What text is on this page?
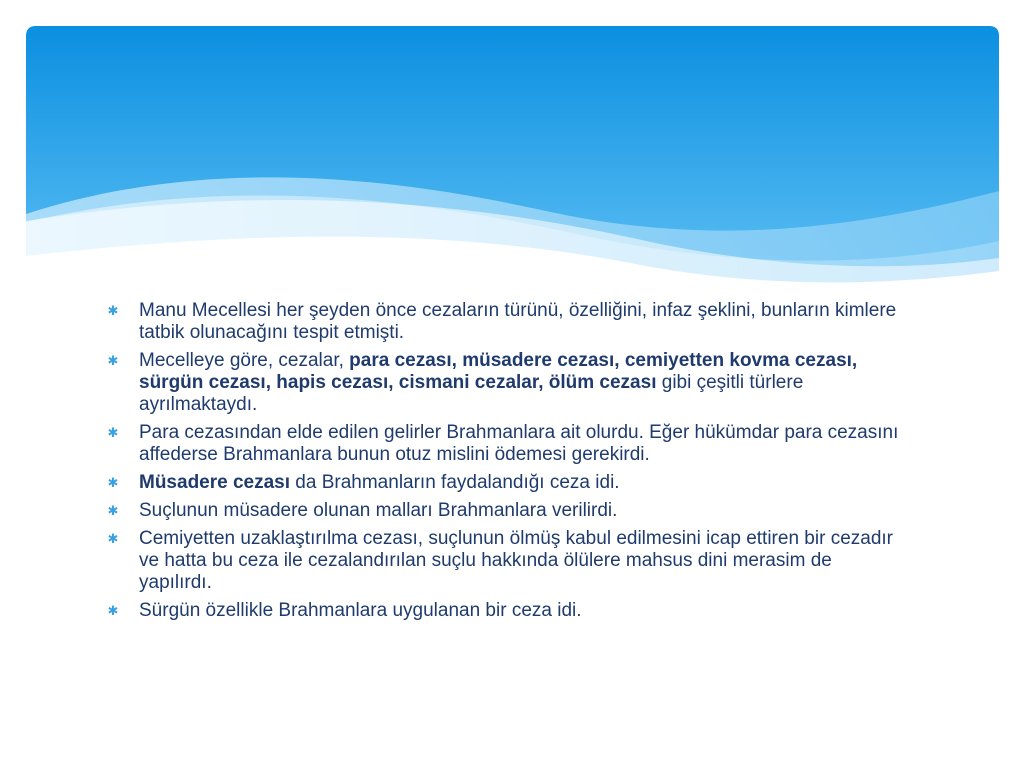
✱ Manu Mecellesi her şeyden önce cezaların türünü, özelliğini, infaz şeklini, bunların kimlere tatbik olunacağını tespit etmişti.
✱ Mecelleye göre, cezalar, para cezası, müsadere cezası, cemiyetten kovma cezası, sürgün cezası, hapis cezası, cismani cezalar, ölüm cezası gibi çeşitli türlere ayrılmaktaydı.
✱ Para cezasından elde edilen gelirler Brahmanlara ait olurdu. Eğer hükümdar para cezasını affederse Brahmanlara bunun otuz mislini ödemesi gerekirdi.
✱ Müsadere cezası da Brahmanların faydalandığı ceza idi.
✱ Suçlunun müsadere olunan malları Brahmanlara verilirdi.
✱ Cemiyetten uzaklaştırılma cezası, suçlunun ölmüş kabul edilmesini icap ettiren bir cezadır ve hatta bu ceza ile cezalandırılan suçlu hakkında ölülere mahsus dini merasim de yapılırdı.
✱ Sürgün özellikle Brahmanlara uygulanan bir ceza idi.
